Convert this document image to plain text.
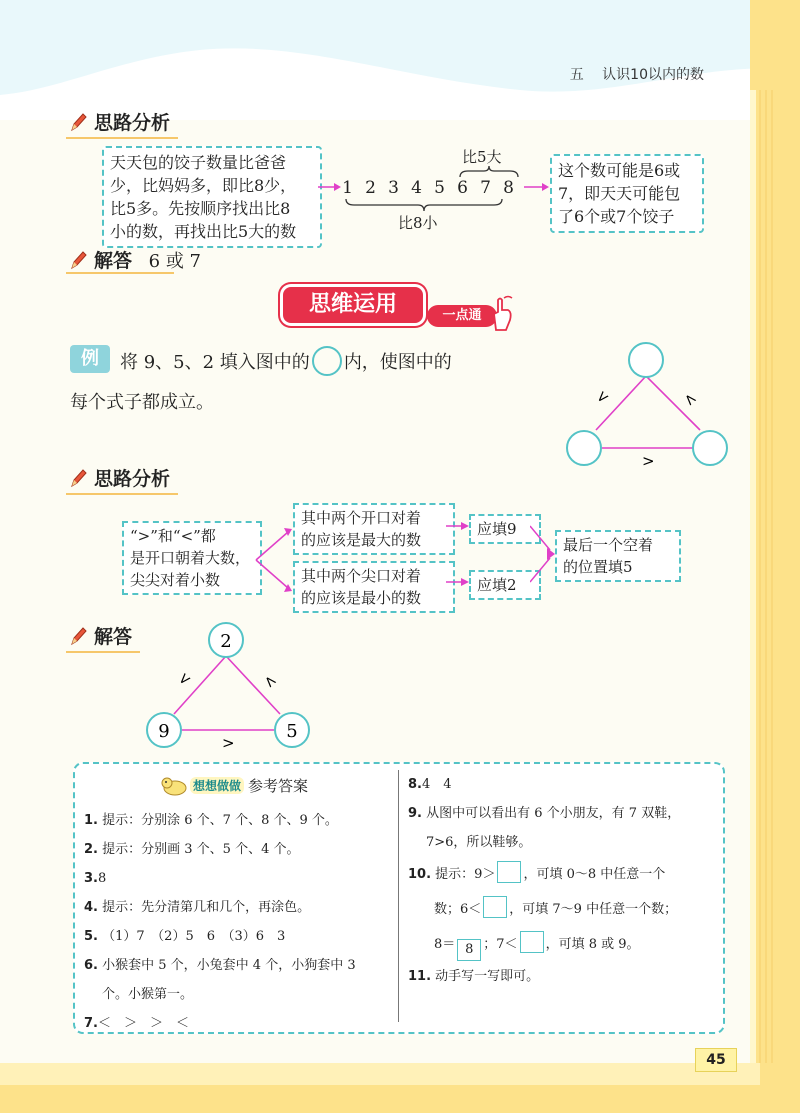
五 认识10以内的数
思路分析
天天包的饺子数量比爸爸
少，比妈妈多，即比8少，
比5多。先按顺序找出比8
小的数，再找出比5大的数
比5大
1 2 3 4 5 6 7 8
比8小
这个数可能是6或
7，即天天可能包
了6个或7个饺子
解答 6 或 7
思维运用	一点通
例	将 9、5、2 填入图中的 内，使图中的
每个式子都成立。	<	<
>
思路分析
“>”和“<”都
是开口朝着大数，
尖尖对着小数
其中两个开口对着
的应该是最大的数
其中两个尖口对着
的应该是最小的数
应填9
应填2
最后一个空着
的位置填5
解答	2
9	5
<	<
>
想想做做 参考答案
1. 提示：分别涂 6 个、7 个、8 个、9 个。
2. 提示：分别画 3 个、5 个、4 个。
3.8
4. 提示：先分清第几和几个，再涂色。
5. （1）7　（2）5　6　（3）6　3
6. 小猴套中 5 个，小兔套中 4 个，小狗套中 3
个。小猴第一。
7.＜　＞　＞　＜
8.4　4
9. 从图中可以看出有 6 个小朋友，有 7 双鞋，
7>6，所以鞋够。
10. 提示：9＞ ，可填 0～8 中任意一个
数；6＜ ，可填 7～9 中任意一个数；
8＝ 8 ；7＜ ，可填 8 或 9。
11. 动手写一写即可。
45
